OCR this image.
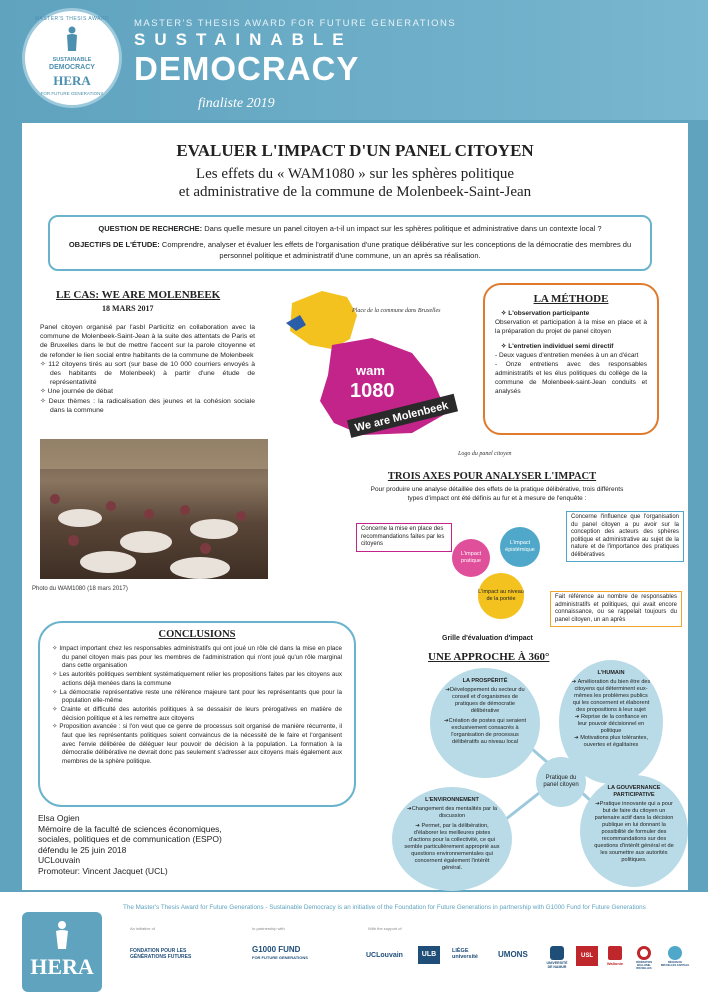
MASTER'S THESIS AWARD
SUSTAINABLE
DEMOCRACY
HERA
FOR FUTURE GENERATIONS
MASTER'S THESIS AWARD FOR FUTURE GENERATIONS
SUSTAINABLE
DEMOCRACY
finaliste 2019
EVALUER L'IMPACT D'UN PANEL CITOYEN
Les effets du « WAM1080 » sur les sphères politique
et administrative de la commune de Molenbeek-Saint-Jean

QUESTION DE RECHERCHE: Dans quelle mesure un panel citoyen a-t-il un impact sur les sphères politique et administrative dans un contexte local ?

OBJECTIFS DE L'ÉTUDE: Comprendre, analyser et évaluer les effets de l'organisation d'une pratique délibérative sur les conceptions de la démocratie des membres du personnel politique et administratif d'une commune, un an après sa réalisation.

LE CAS: WE ARE MOLENBEEK
18 MARS 2017

Panel citoyen organisé par l'asbl Particitiz en collaboration avec la commune de Molenbeek-Saint-Jean à la suite des attentats de Paris et de Bruxelles dans le but de mettre l'accent sur la parole citoyenne et de refonder le lien social entre habitants de la commune de Molenbeek

✧ 112 citoyens tirés au sort (sur base de 10 000 courriers envoyés à des habitants de Molenbeek) à partir d'une étude de représentativité
✧ Une journée de débat
✧ Deux thèmes : la radicalisation des jeunes et la cohésion sociale dans la commune
wam
1080
We are Molenbeek
Place de la commune dans Bruxelles
Logo du panel citoyen
LA MÉTHODE

✧ L'observation participante

Observation et participation à la mise en place et à la préparation du projet de panel citoyen

✧ L'entretien individuel semi directif

- Deux vagues d'entretien menées à un an d'écart

- Onze entretiens avec des responsables administratifs et les élus politiques du collège de la commune de Molenbeek-saint-Jean conduits et analysés

Photo du WAM1080 (18 mars 2017)
TROIS AXES POUR ANALYSER L'IMPACT
Pour produire une analyse détaillée des effets de la pratique délibérative, trois différents types d'impact ont été définis au fur et à mesure de l'enquête :
Concerne la mise en place des recommandations faites par les citoyens
L'impact pratique
L'impact épistémique
Concerne l'influence que l'organisation du panel citoyen a pu avoir sur la conception des acteurs des sphères politique et administrative au sujet de la nature et de l'importance des pratiques délibératives
L'impact au niveau de la portée	Fait référence au nombre de responsables administratifs et politiques, qui avait encore connaissance, ou se rappelait toujours du panel citoyen, un an après
Grille d'évaluation d'impact
CONCLUSIONS
✧ Impact important chez les responsables administratifs qui ont joué un rôle clé dans la mise en place du panel citoyen mais pas pour les membres de l'administration qui n'ont joué qu'un rôle marginal dans cette organisation
✧ Les autorités politiques semblent systématiquement relier les propositions faites par les citoyens aux actions déjà menées dans la commune
✧ La démocratie représentative reste une référence majeure tant pour les représentants que pour la population elle-même
✧ Crainte et difficulté des autorités politiques à se dessaisir de leurs prérogatives en matière de décision politique et à les remettre aux citoyens
✧ Proposition avancée : si l'on veut que ce genre de processus soit organisé de manière récurrente, il faut que les représentants politiques soient convaincus de la nécessité de le faire et l'organisent avec l'envie délibérée de déléguer leur pouvoir de décision à la population. La formation à la démocratie délibérative ne devrait donc pas seulement s'adresser aux citoyens mais également aux membres de la sphère politique.
UNE APPROCHE À 360°
LA PROSPÉRITÉ

➔Développement du secteur du conseil et d'organismes de pratiques de démocratie délibérative

➔Création de postes qui seraient exclusivement consacrés à l'organisation de processus délibératifs au niveau local

L'HUMAIN

➔ Amélioration du bien être des citoyens qui déterminent eux-mêmes les problèmes publics qui les concernent et élaborent des propositions à leur sujet

➔ Reprise de la confiance en leur pouvoir décisionnel en politique

➔ Motivations plus tolérantes, ouvertes et égalitaires

Pratique du panel citoyen
L'ENVIRONNEMENT

➔Changement des mentalités par la discussion

➔ Permet, par la délibération, d'élaborer les meilleures pistes d'actions pour la collectivité, ce qui semble particulièrement approprié aux questions environnementales qui concernent également l'intérêt général.

LA GOUVERNANCE PARTICIPATIVE

➔Pratique innovante qui a pour but de faire du citoyen un partenaire actif dans la décision publique en lui donnant la possibilité de formuler des recommandations sur des questions d'intérêt général et de les soumettre aux autorités politiques.

Elsa Ogien
Mémoire de la faculté de sciences économiques,
sociales, politiques et de communication (ESPO)
défendu le 25 juin 2018
UCLouvain
Promoteur: Vincent Jacquet (UCL)
HERA
The Master's Thesis Award for Future Generations - Sustainable Democracy is an initiative of the Foundation for Future Generations in partnership with G1000 Fund for Future Generations
An initiative of	In partnership with	With the support of
FONDATION POUR LES
GÉNÉRATIONS FUTURES
G1000 FUND
FOR FUTURE GENERATIONS	UCLouvain	ULB	LIÈGE université	UMONS
UNIVERSITÉ DE NAMUR
USL
Wallonie	FÉDÉRATION WALLONIE-BRUXELLES
RÉGION DE BRUXELLES-CAPITALE
